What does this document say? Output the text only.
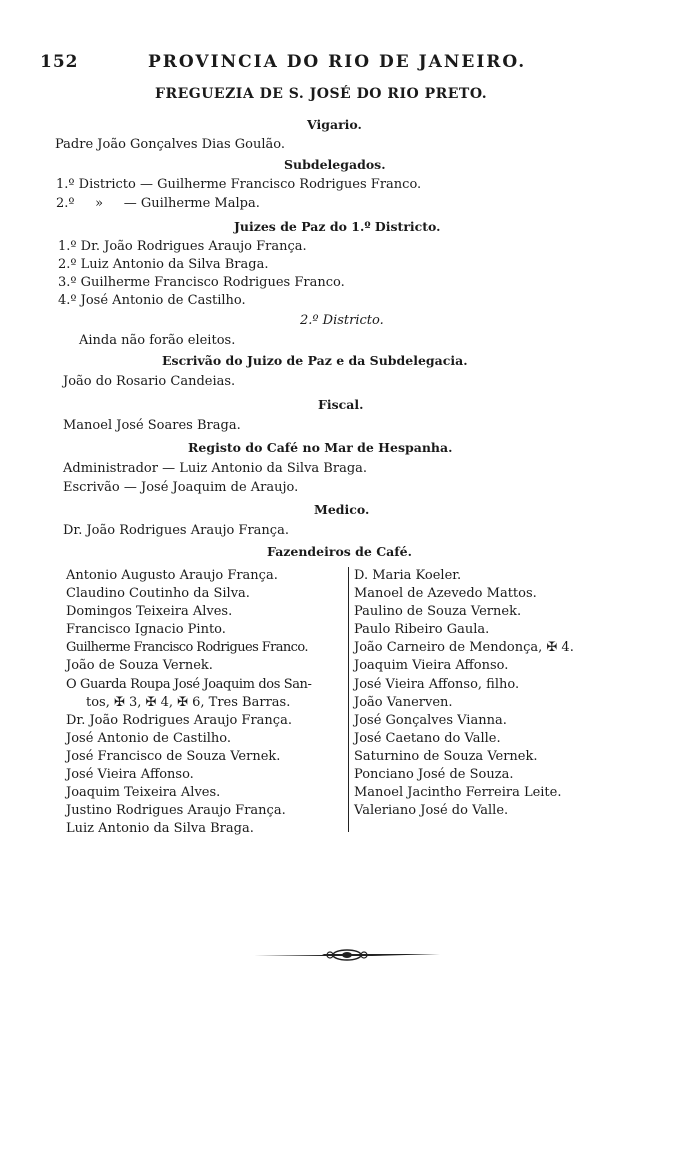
152	PROVINCIA DO RIO DE JANEIRO.
FREGUEZIA DE S. JOSÉ DO RIO PRETO.
Vigario.
Padre João Gonçalves Dias Goulão.
Subdelegados.
1.º Districto — Guilherme Francisco Rodrigues Franco.
2.º     »     — Guilherme Malpa.
Juizes de Paz do 1.º Districto.
1.º Dr. João Rodrigues Araujo França.
2.º Luiz Antonio da Silva Braga.
3.º Guilherme Francisco Rodrigues Franco.
4.º José Antonio de Castilho.
2.º Districto.
Ainda não forão eleitos.
Escrivão do Juizo de Paz e da Subdelegacia.
João do Rosario Candeias.
Fiscal.
Manoel José Soares Braga.
Registo do Café no Mar de Hespanha.
Administrador — Luiz Antonio da Silva Braga.
Escrivão — José Joaquim de Araujo.
Medico.
Dr. João Rodrigues Araujo França.
Fazendeiros de Café.
Antonio Augusto Araujo França.
Claudino Coutinho da Silva.
Domingos Teixeira Alves.
Francisco Ignacio Pinto.
Guilherme Francisco Rodrigues Franco.
João de Souza Vernek.
O Guarda Roupa José Joaquim dos San-
tos, ✠ 3, ✠ 4, ✠ 6, Tres Barras.
Dr. João Rodrigues Araujo França.
José Antonio de Castilho.
José Francisco de Souza Vernek.
José Vieira Affonso.
Joaquim Teixeira Alves.
Justino Rodrigues Araujo França.
Luiz Antonio da Silva Braga.
D. Maria Koeler.
Manoel de Azevedo Mattos.
Paulino de Souza Vernek.
Paulo Ribeiro Gaula.
João Carneiro de Mendonça, ✠ 4.
Joaquim Vieira Affonso.
José Vieira Affonso, filho.
João Vanerven.
José Gonçalves Vianna.
José Caetano do Valle.
Saturnino de Souza Vernek.
Ponciano José de Souza.
Manoel Jacintho Ferreira Leite.
Valeriano José do Valle.
